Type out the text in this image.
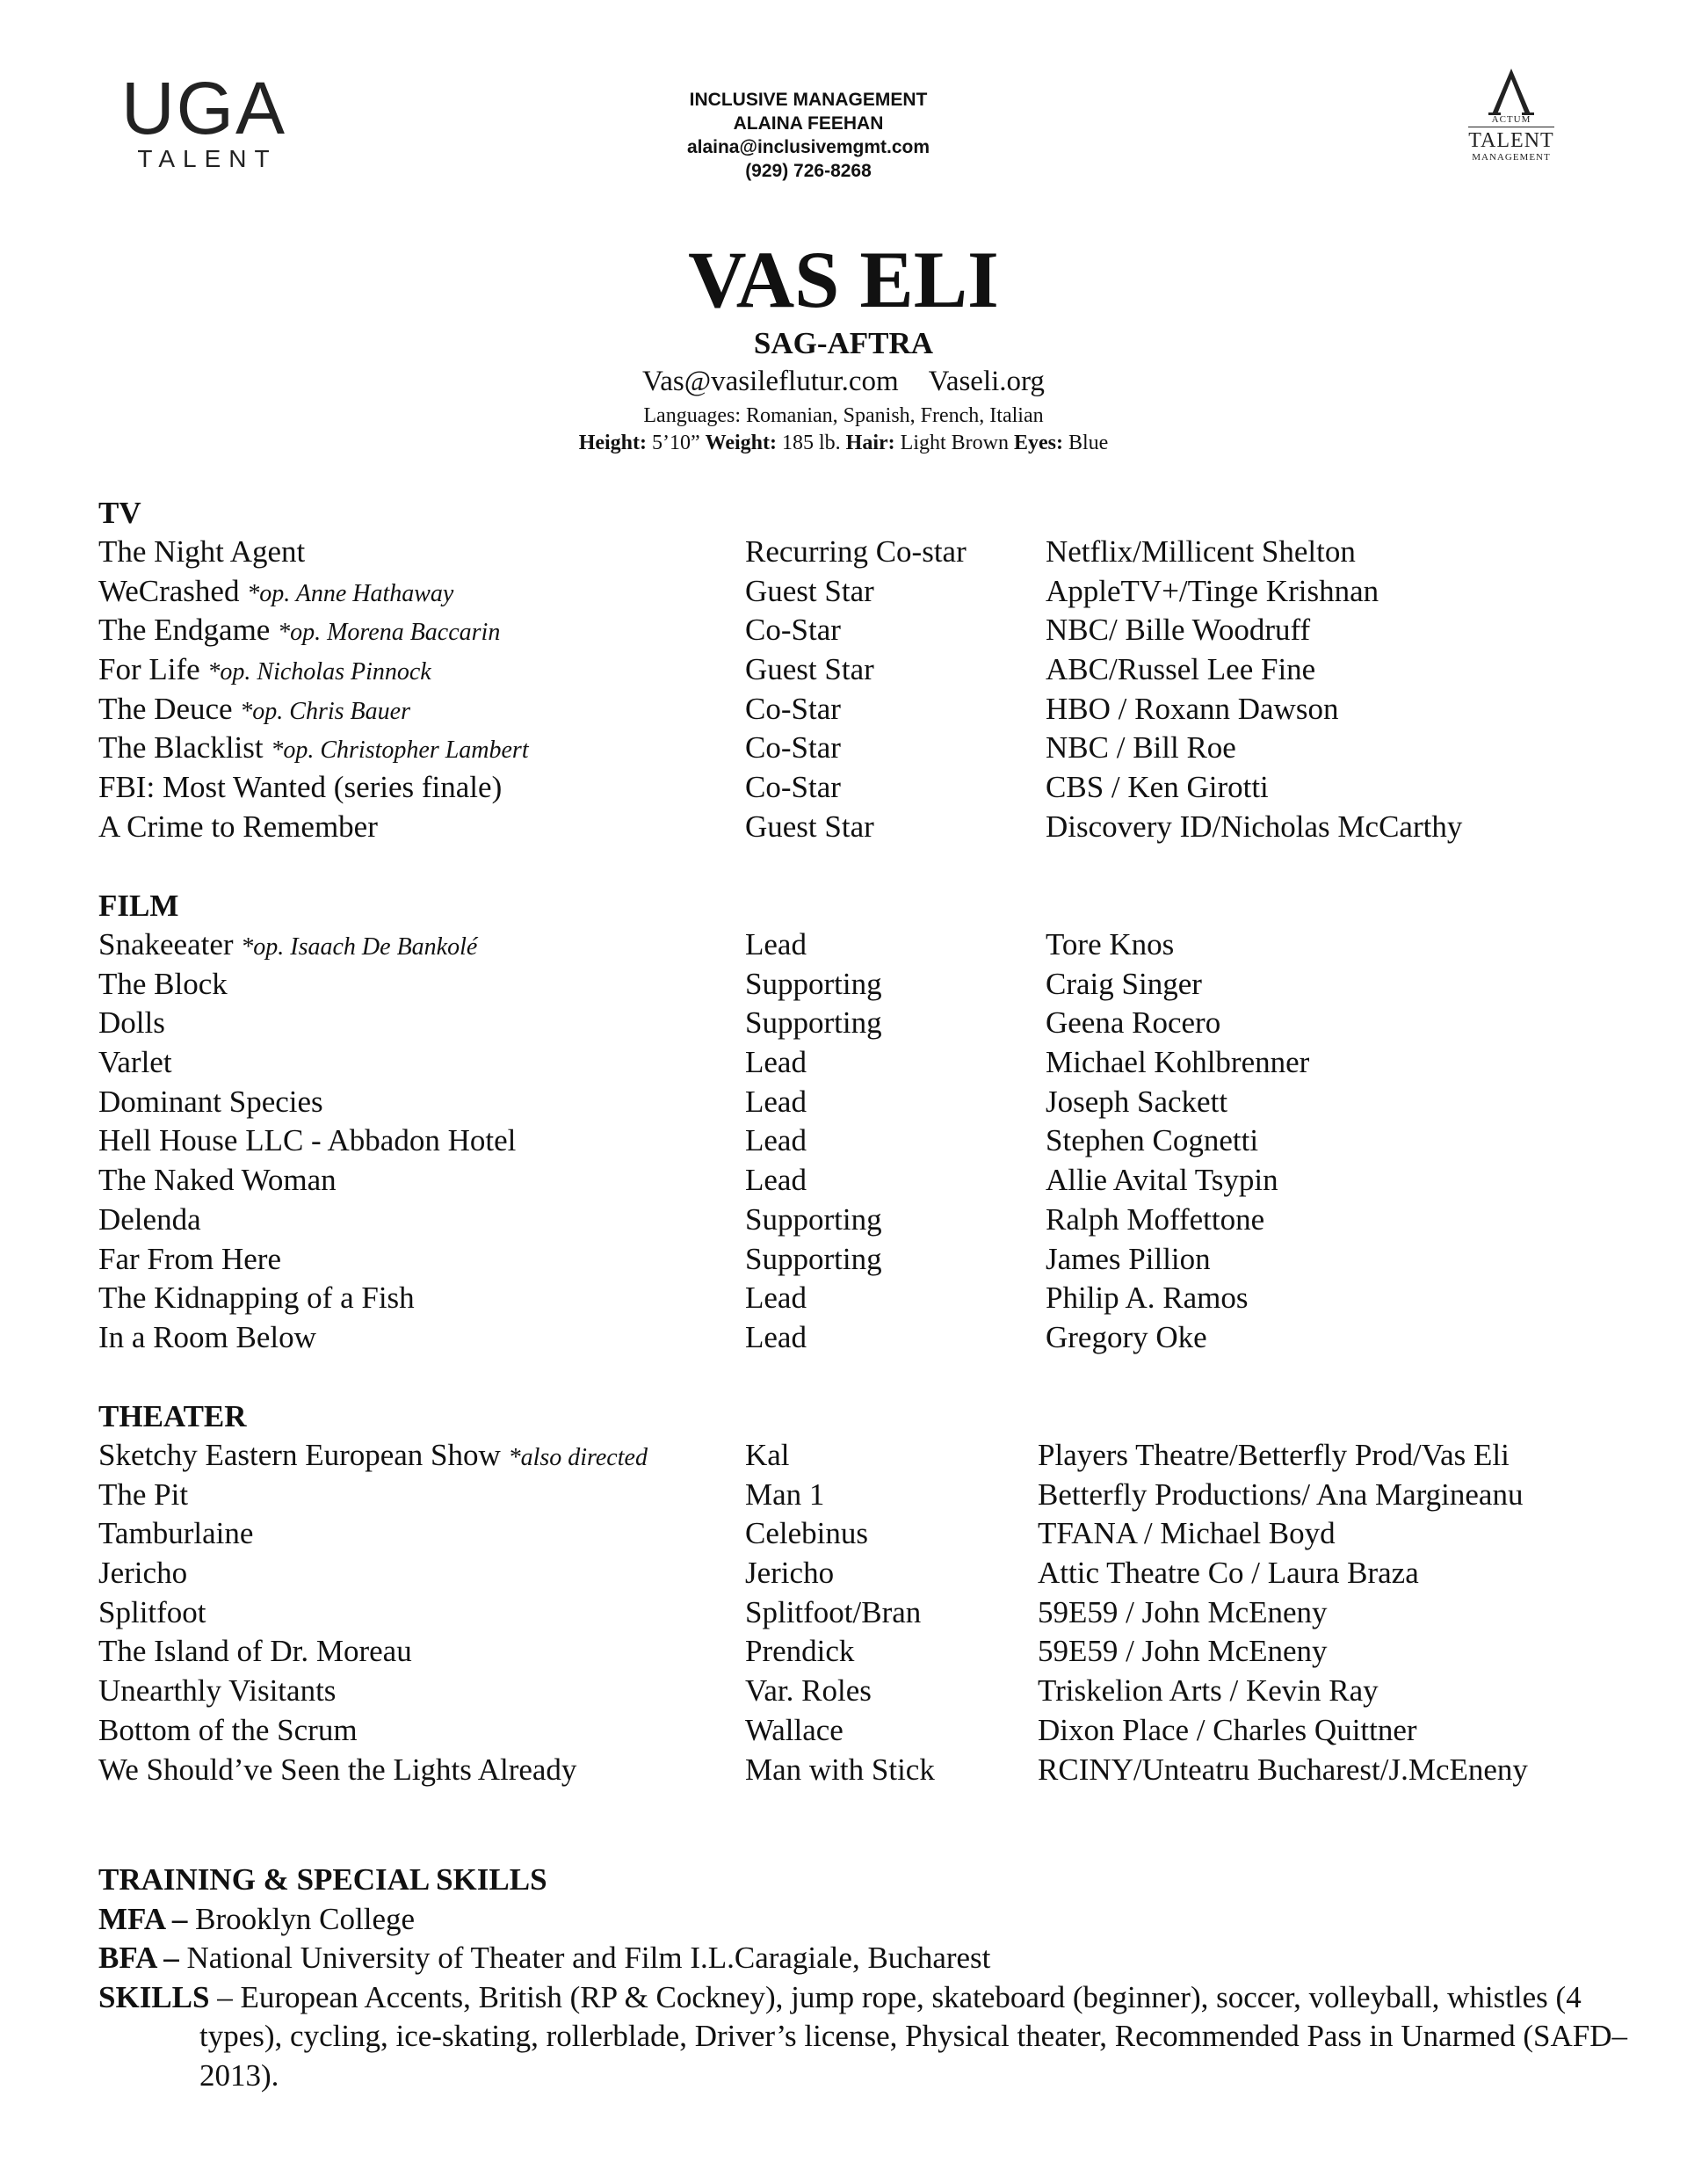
UGA
TALENT
INCLUSIVE MANAGEMENT
ALAINA FEEHAN
alaina@inclusivemgmt.com
(929) 726-8268
ACTUM
TALENT
MANAGEMENT
VAS ELI
SAG-AFTRA
Vas@vasileflutur.com Vaseli.org
Languages: Romanian, Spanish, French, Italian
Height: 5’10” Weight: 185 lb. Hair: Light Brown Eyes: Blue
TV
The Night Agent	Recurring Co-star	Netflix/Millicent Shelton
WeCrashed *op. Anne Hathaway	Guest Star	AppleTV+/Tinge Krishnan
The Endgame *op. Morena Baccarin	Co-Star	NBC/ Bille Woodruff
For Life *op. Nicholas Pinnock	Guest Star	ABC/Russel Lee Fine
The Deuce *op. Chris Bauer	Co-Star	HBO / Roxann Dawson
The Blacklist *op. Christopher Lambert	Co-Star	NBC / Bill Roe
FBI: Most Wanted (series finale)	Co-Star	CBS / Ken Girotti
A Crime to Remember	Guest Star	Discovery ID/Nicholas McCarthy
FILM
Snakeeater *op. Isaach De Bankolé	Lead	Tore Knos
The Block	Supporting	Craig Singer
Dolls	Supporting	Geena Rocero
Varlet	Lead	Michael Kohlbrenner
Dominant Species	Lead	Joseph Sackett
Hell House LLC - Abbadon Hotel	Lead	Stephen Cognetti
The Naked Woman	Lead	Allie Avital Tsypin
Delenda	Supporting	Ralph Moffettone
Far From Here	Supporting	James Pillion
The Kidnapping of a Fish	Lead	Philip A. Ramos
In a Room Below	Lead	Gregory Oke
THEATER
Sketchy Eastern European Show *also directed	Kal	Players Theatre/Betterfly Prod/Vas Eli
The Pit	Man 1	Betterfly Productions/ Ana Margineanu
Tamburlaine	Celebinus	TFANA / Michael Boyd
Jericho	Jericho	Attic Theatre Co / Laura Braza
Splitfoot	Splitfoot/Bran	59E59 / John McEneny
The Island of Dr. Moreau	Prendick	59E59 / John McEneny
Unearthly Visitants	Var. Roles	Triskelion Arts / Kevin Ray
Bottom of the Scrum	Wallace	Dixon Place / Charles Quittner
We Should’ve Seen the Lights Already	Man with Stick	RCINY/Unteatru Bucharest/J.McEneny
TRAINING & SPECIAL SKILLS
MFA – Brooklyn College
BFA – National University of Theater and Film I.L.Caragiale, Bucharest
SKILLS – European Accents, British (RP & Cockney), jump rope, skateboard (beginner), soccer, volleyball, whistles (4 types), cycling, ice-skating, rollerblade, Driver’s license, Physical theater, Recommended Pass in Unarmed (SAFD–2013).
